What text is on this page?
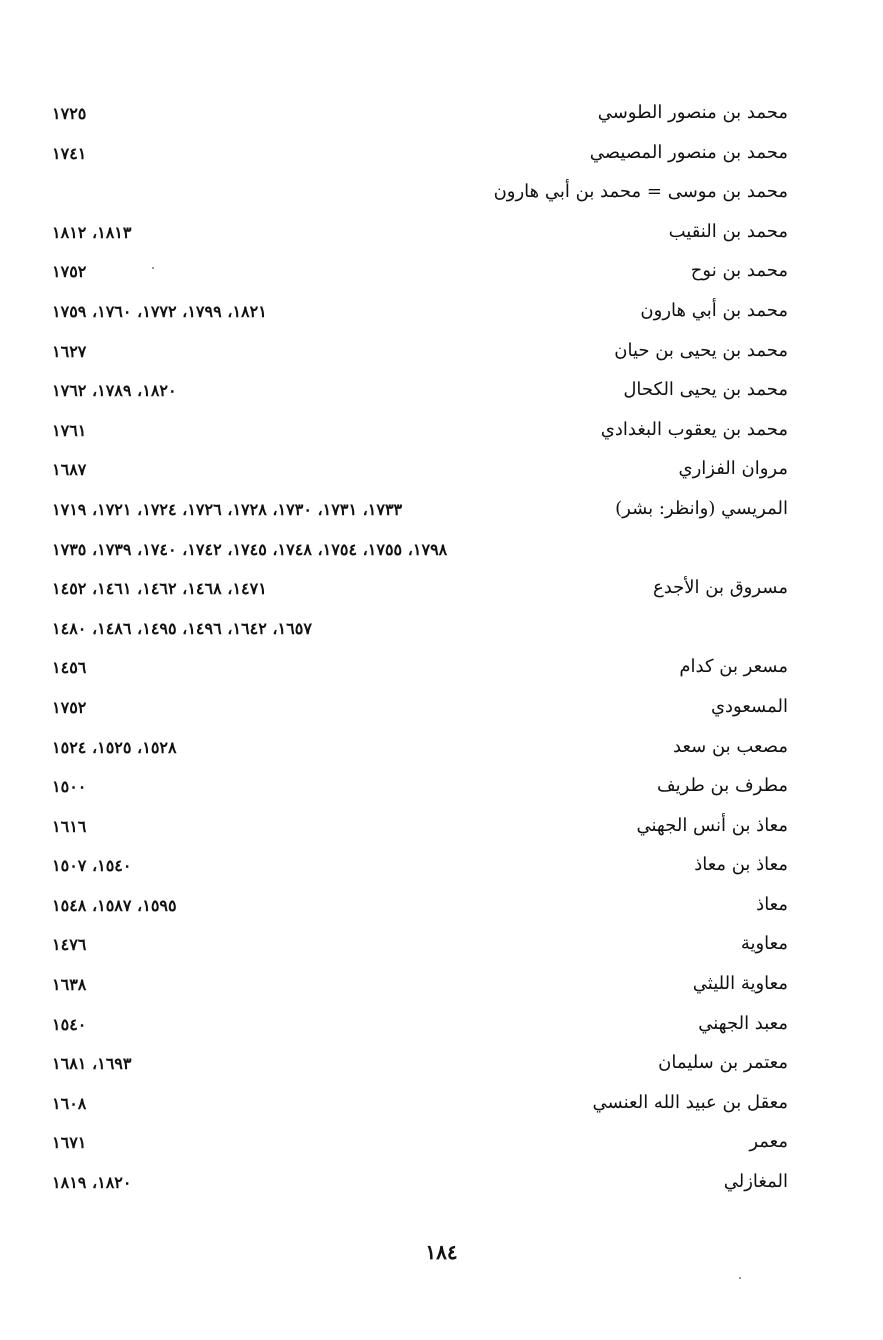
محمد بن منصور الطوسي
١٧٢٥
محمد بن منصور المصيصي
١٧٤١
محمد بن موسى = محمد بن أبي هارون
محمد بن النقيب
١٨١٣، ١٨١٢
محمد بن نوح
١٧٥٢
محمد بن أبي هارون
١٨٢١، ١٧٩٩، ١٧٧٢، ١٧٦٠، ١٧٥٩
محمد بن يحيى بن حيان
١٦٢٧
محمد بن يحيى الكحال
١٨٢٠، ١٧٨٩، ١٧٦٢
محمد بن يعقوب البغدادي
١٧٦١
مروان الفزاري
١٦٨٧
المريسي (وانظر: بشر)
١٧٣٣، ١٧٣١، ١٧٣٠، ١٧٢٨، ١٧٢٦، ١٧٢٤، ١٧٢١، ١٧١٩
١٧٩٨، ١٧٥٥، ١٧٥٤، ١٧٤٨، ١٧٤٥، ١٧٤٢، ١٧٤٠، ١٧٣٩، ١٧٣٥
مسروق بن الأجدع
١٤٧١، ١٤٦٨، ١٤٦٢، ١٤٦١، ١٤٥٢
١٦٥٧، ١٦٤٢، ١٤٩٦، ١٤٩٥، ١٤٨٦، ١٤٨٠
مسعر بن كدام
١٤٥٦
المسعودي
١٧٥٢
مصعب بن سعد
١٥٢٨، ١٥٢٥، ١٥٢٤
مطرف بن طريف
١٥٠٠
معاذ بن أنس الجهني
١٦١٦
معاذ بن معاذ
١٥٤٠، ١٥٠٧
معاذ
١٥٩٥، ١٥٨٧، ١٥٤٨
معاوية
١٤٧٦
معاوية الليثي
١٦٣٨
معبد الجهني
١٥٤٠
معتمر بن سليمان
١٦٩٣، ١٦٨١
معقل بن عبيد الله العنسي
١٦٠٨
معمر
١٦٧١
المغازلي
١٨٢٠، ١٨١٩
١٨٤
